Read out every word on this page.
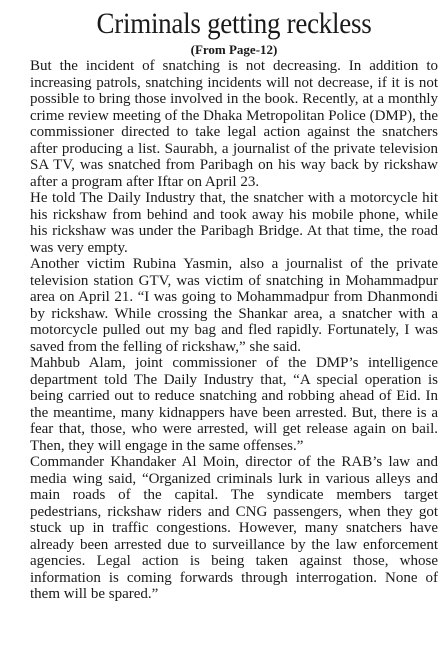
Criminals getting reckless
(From Page-12)

But the incident of snatching is not decreasing. In addition to increasing patrols, snatching incidents will not decrease, if it is not possible to bring those involved in the book. Recently, at a monthly crime review meeting of the Dhaka Metropolitan Police (DMP), the commissioner directed to take legal action against the snatchers after producing a list. Saurabh, a journalist of the private television SA TV, was snatched from Paribagh on his way back by rickshaw after a program after Iftar on April 23.

He told The Daily Industry that, the snatcher with a motorcycle hit his rickshaw from behind and took away his mobile phone, while his rickshaw was under the Paribagh Bridge. At that time, the road was very empty.

Another victim Rubina Yasmin, also a journalist of the private television station GTV, was victim of snatching in Mohammadpur area on April 21. “I was going to Mohammadpur from Dhanmondi by rickshaw. While crossing the Shankar area, a snatcher with a motorcycle pulled out my bag and fled rapidly. Fortunately, I was saved from the felling of rickshaw,” she said.

Mahbub Alam, joint commissioner of the DMP’s intelligence department told The Daily Industry that, “A special operation is being carried out to reduce snatching and robbing ahead of Eid. In the meantime, many kidnappers have been arrested. But, there is a fear that, those, who were arrested, will get release again on bail. Then, they will engage in the same offenses.”

Commander Khandaker Al Moin, director of the RAB’s law and media wing said, “Organized criminals lurk in various alleys and main roads of the capital. The syndicate members target pedestrians, rickshaw riders and CNG passengers, when they got stuck up in traffic congestions. However, many snatchers have already been arrested due to surveillance by the law enforcement agencies. Legal action is being taken against those, whose information is coming forwards through interrogation. None of them will be spared.”
